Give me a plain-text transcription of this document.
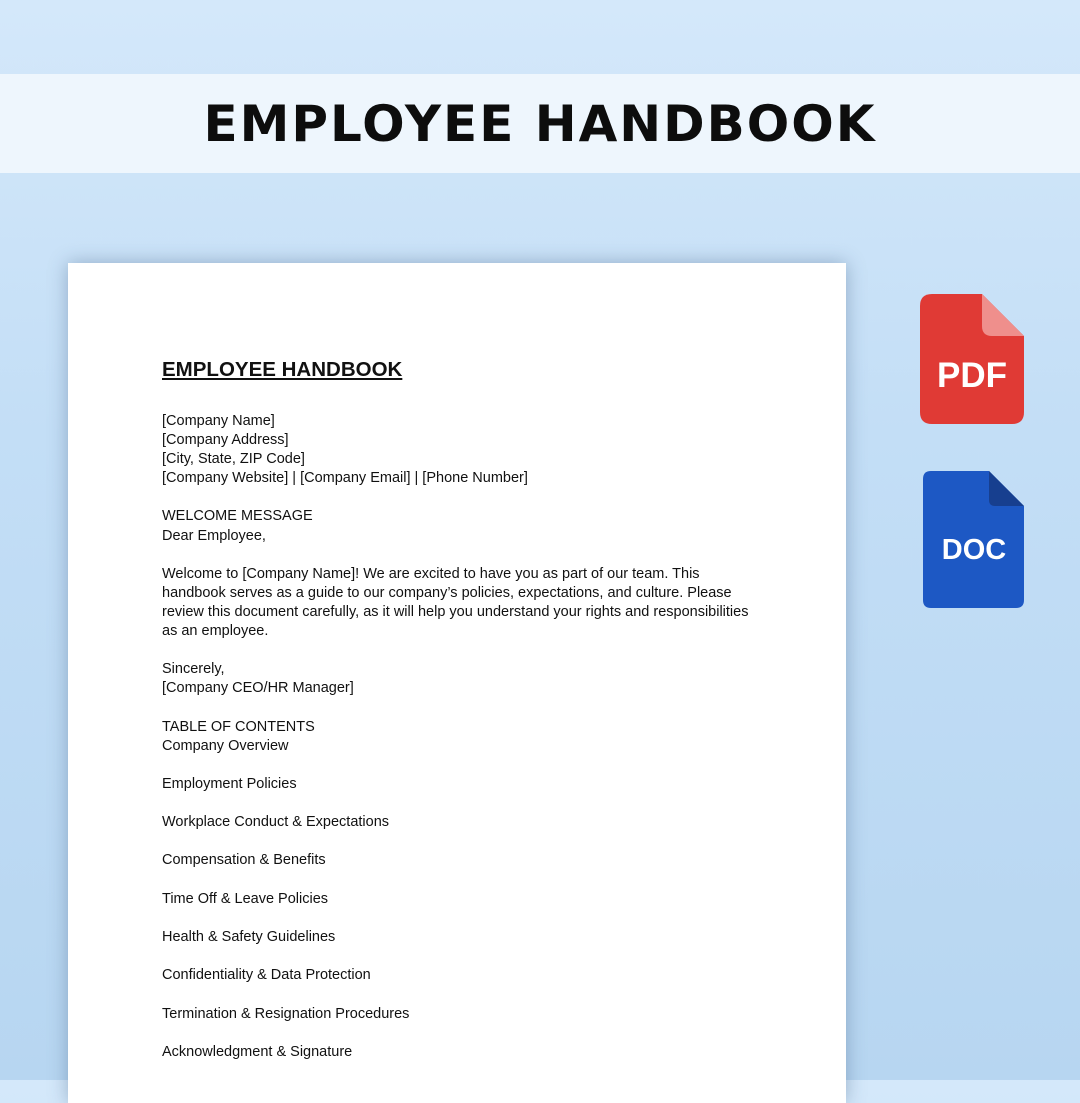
EMPLOYEE HANDBOOK
EMPLOYEE HANDBOOK
[Company Name]
[Company Address]
[City, State, ZIP Code]
[Company Website] | [Company Email] | [Phone Number]
WELCOME MESSAGE
Dear Employee,
Welcome to [Company Name]! We are excited to have you as part of our team. This
handbook serves as a guide to our company’s policies, expectations, and culture. Please
review this document carefully, as it will help you understand your rights and responsibilities
as an employee.
Sincerely,
[Company CEO/HR Manager]
TABLE OF CONTENTS
Company Overview
Employment Policies
Workplace Conduct & Expectations
Compensation & Benefits
Time Off & Leave Policies
Health & Safety Guidelines
Confidentiality & Data Protection
Termination & Resignation Procedures
Acknowledgment & Signature
PDF
DOC
